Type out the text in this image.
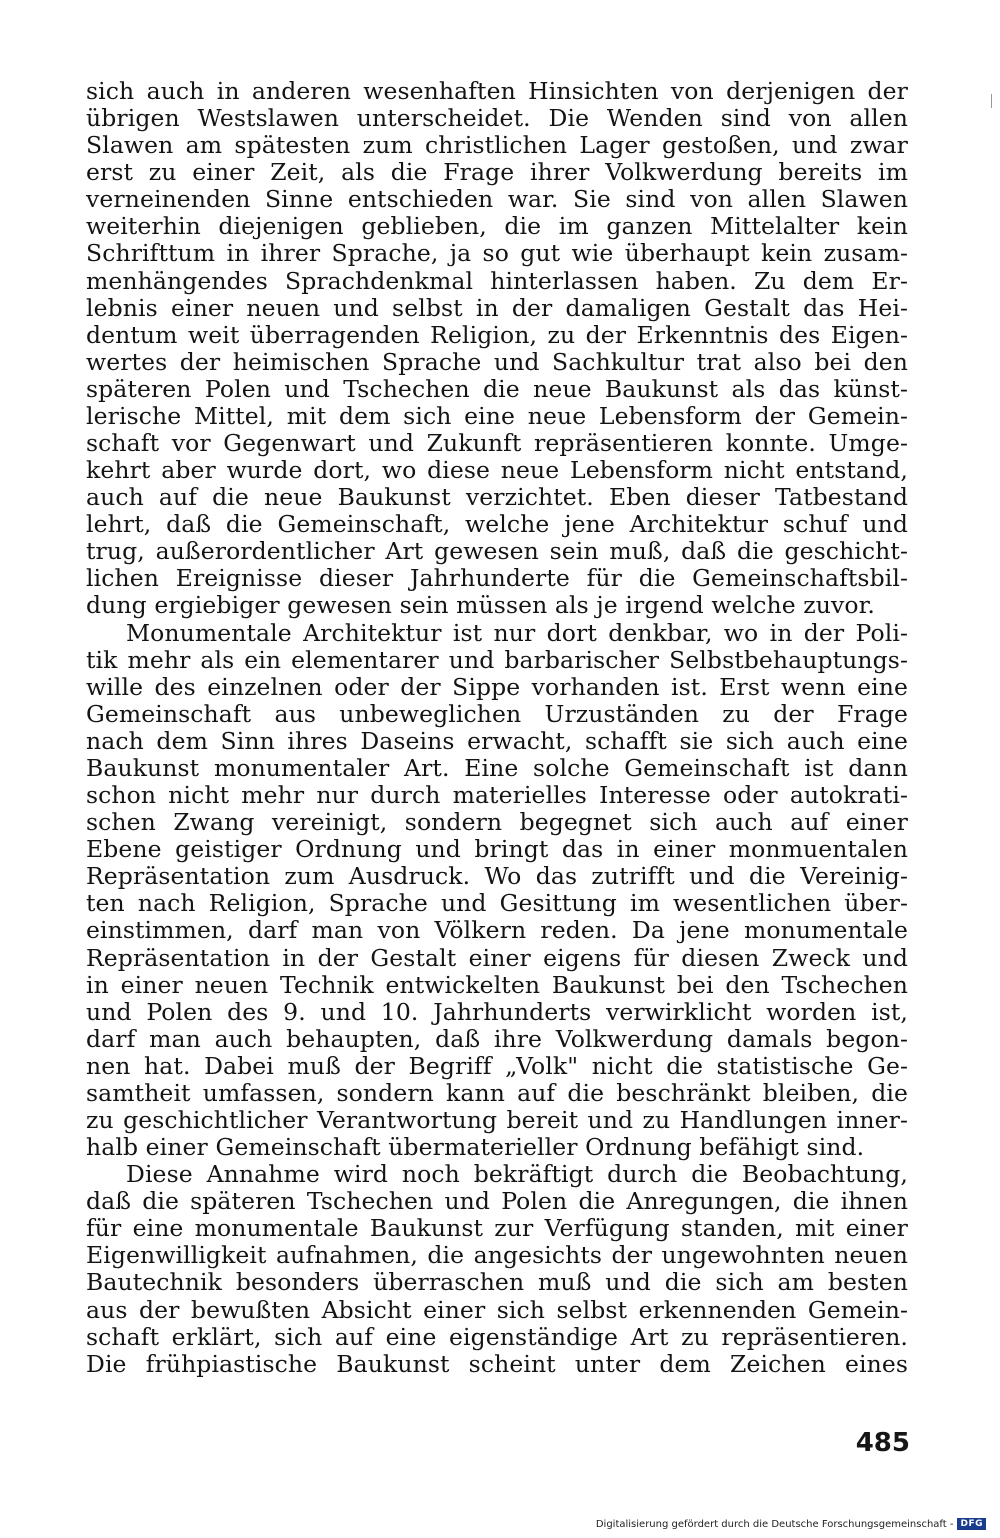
sich auch in anderen wesenhaften Hinsichten von derjenigen der
übrigen Westslawen unterscheidet. Die Wenden sind von allen
Slawen am spätesten zum christlichen Lager gestoßen, und zwar
erst zu einer Zeit, als die Frage ihrer Volkwerdung bereits im
verneinenden Sinne entschieden war. Sie sind von allen Slawen
weiterhin diejenigen geblieben, die im ganzen Mittelalter kein
Schrifttum in ihrer Sprache, ja so gut wie überhaupt kein zusam-
menhängendes Sprachdenkmal hinterlassen haben. Zu dem Er-
lebnis einer neuen und selbst in der damaligen Gestalt das Hei-
dentum weit überragenden Religion, zu der Erkenntnis des Eigen-
wertes der heimischen Sprache und Sachkultur trat also bei den
späteren Polen und Tschechen die neue Baukunst als das künst-
lerische Mittel, mit dem sich eine neue Lebensform der Gemein-
schaft vor Gegenwart und Zukunft repräsentieren konnte. Umge-
kehrt aber wurde dort, wo diese neue Lebensform nicht entstand,
auch auf die neue Baukunst verzichtet. Eben dieser Tatbestand
lehrt, daß die Gemeinschaft, welche jene Architektur schuf und
trug, außerordentlicher Art gewesen sein muß, daß die geschicht-
lichen Ereignisse dieser Jahrhunderte für die Gemeinschaftsbil-
dung ergiebiger gewesen sein müssen als je irgend welche zuvor.
Monumentale Architektur ist nur dort denkbar, wo in der Poli-
tik mehr als ein elementarer und barbarischer Selbstbehauptungs-
wille des einzelnen oder der Sippe vorhanden ist. Erst wenn eine
Gemeinschaft aus unbeweglichen Urzuständen zu der Frage
nach dem Sinn ihres Daseins erwacht, schafft sie sich auch eine
Baukunst monumentaler Art. Eine solche Gemeinschaft ist dann
schon nicht mehr nur durch materielles Interesse oder autokrati-
schen Zwang vereinigt, sondern begegnet sich auch auf einer
Ebene geistiger Ordnung und bringt das in einer monmuentalen
Repräsentation zum Ausdruck. Wo das zutrifft und die Vereinig-
ten nach Religion, Sprache und Gesittung im wesentlichen über-
einstimmen, darf man von Völkern reden. Da jene monumentale
Repräsentation in der Gestalt einer eigens für diesen Zweck und
in einer neuen Technik entwickelten Baukunst bei den Tschechen
und Polen des 9. und 10. Jahrhunderts verwirklicht worden ist,
darf man auch behaupten, daß ihre Volkwerdung damals begon-
nen hat. Dabei muß der Begriff „Volk" nicht die statistische Ge-
samtheit umfassen, sondern kann auf die beschränkt bleiben, die
zu geschichtlicher Verantwortung bereit und zu Handlungen inner-
halb einer Gemeinschaft übermaterieller Ordnung befähigt sind.
Diese Annahme wird noch bekräftigt durch die Beobachtung,
daß die späteren Tschechen und Polen die Anregungen, die ihnen
für eine monumentale Baukunst zur Verfügung standen, mit einer
Eigenwilligkeit aufnahmen, die angesichts der ungewohnten neuen
Bautechnik besonders überraschen muß und die sich am besten
aus der bewußten Absicht einer sich selbst erkennenden Gemein-
schaft erklärt, sich auf eine eigenständige Art zu repräsentieren.
Die frühpiastische Baukunst scheint unter dem Zeichen eines
485
Digitalisierung gefördert durch die Deutsche Forschungsgemeinschaft - DFG
